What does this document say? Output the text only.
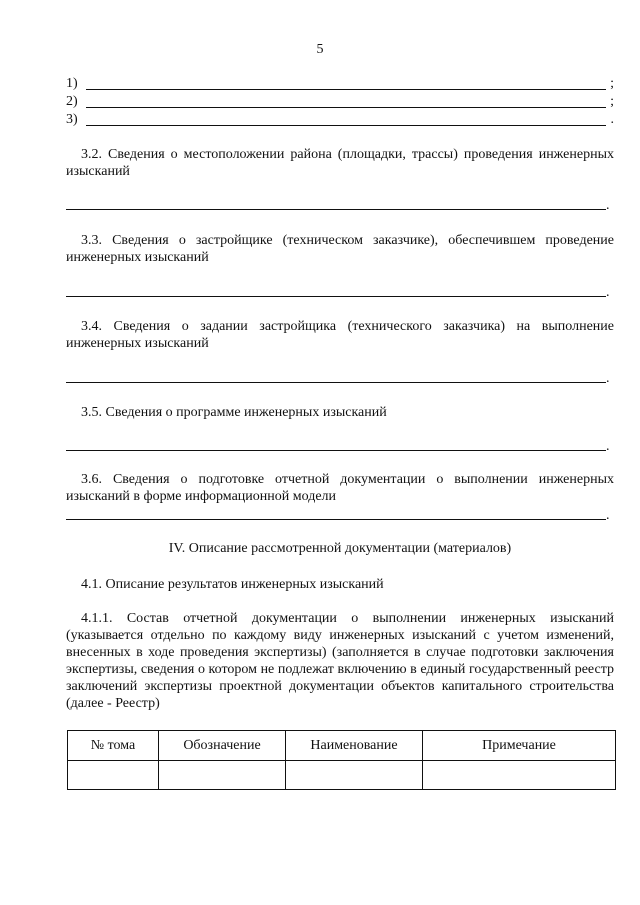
5
1)	;
2)	;
3)	.
3.2. Сведения о местоположении района (площадки, трассы) проведения инженерных изысканий
.
3.3. Сведения о застройщике (техническом заказчике), обеспечившем проведение инженерных изысканий
.
3.4. Сведения о задании застройщика (технического заказчика) на выполнение инженерных изысканий
.
3.5. Сведения о программе инженерных изысканий
.
3.6. Сведения о подготовке отчетной документации о выполнении инженерных изысканий в форме информационной модели
.
IV. Описание рассмотренной документации (материалов)
4.1. Описание результатов инженерных изысканий
4.1.1. Состав отчетной документации о выполнении инженерных изысканий (указывается отдельно по каждому виду инженерных изысканий с учетом изменений, внесенных в ходе проведения экспертизы) (заполняется в случае подготовки заключения экспертизы, сведения о котором не подлежат включению в единый государственный реестр заключений экспертизы проектной документации объектов капитального строительства (далее - Реестр)
№ тома	Обозначение	Наименование	Примечание
